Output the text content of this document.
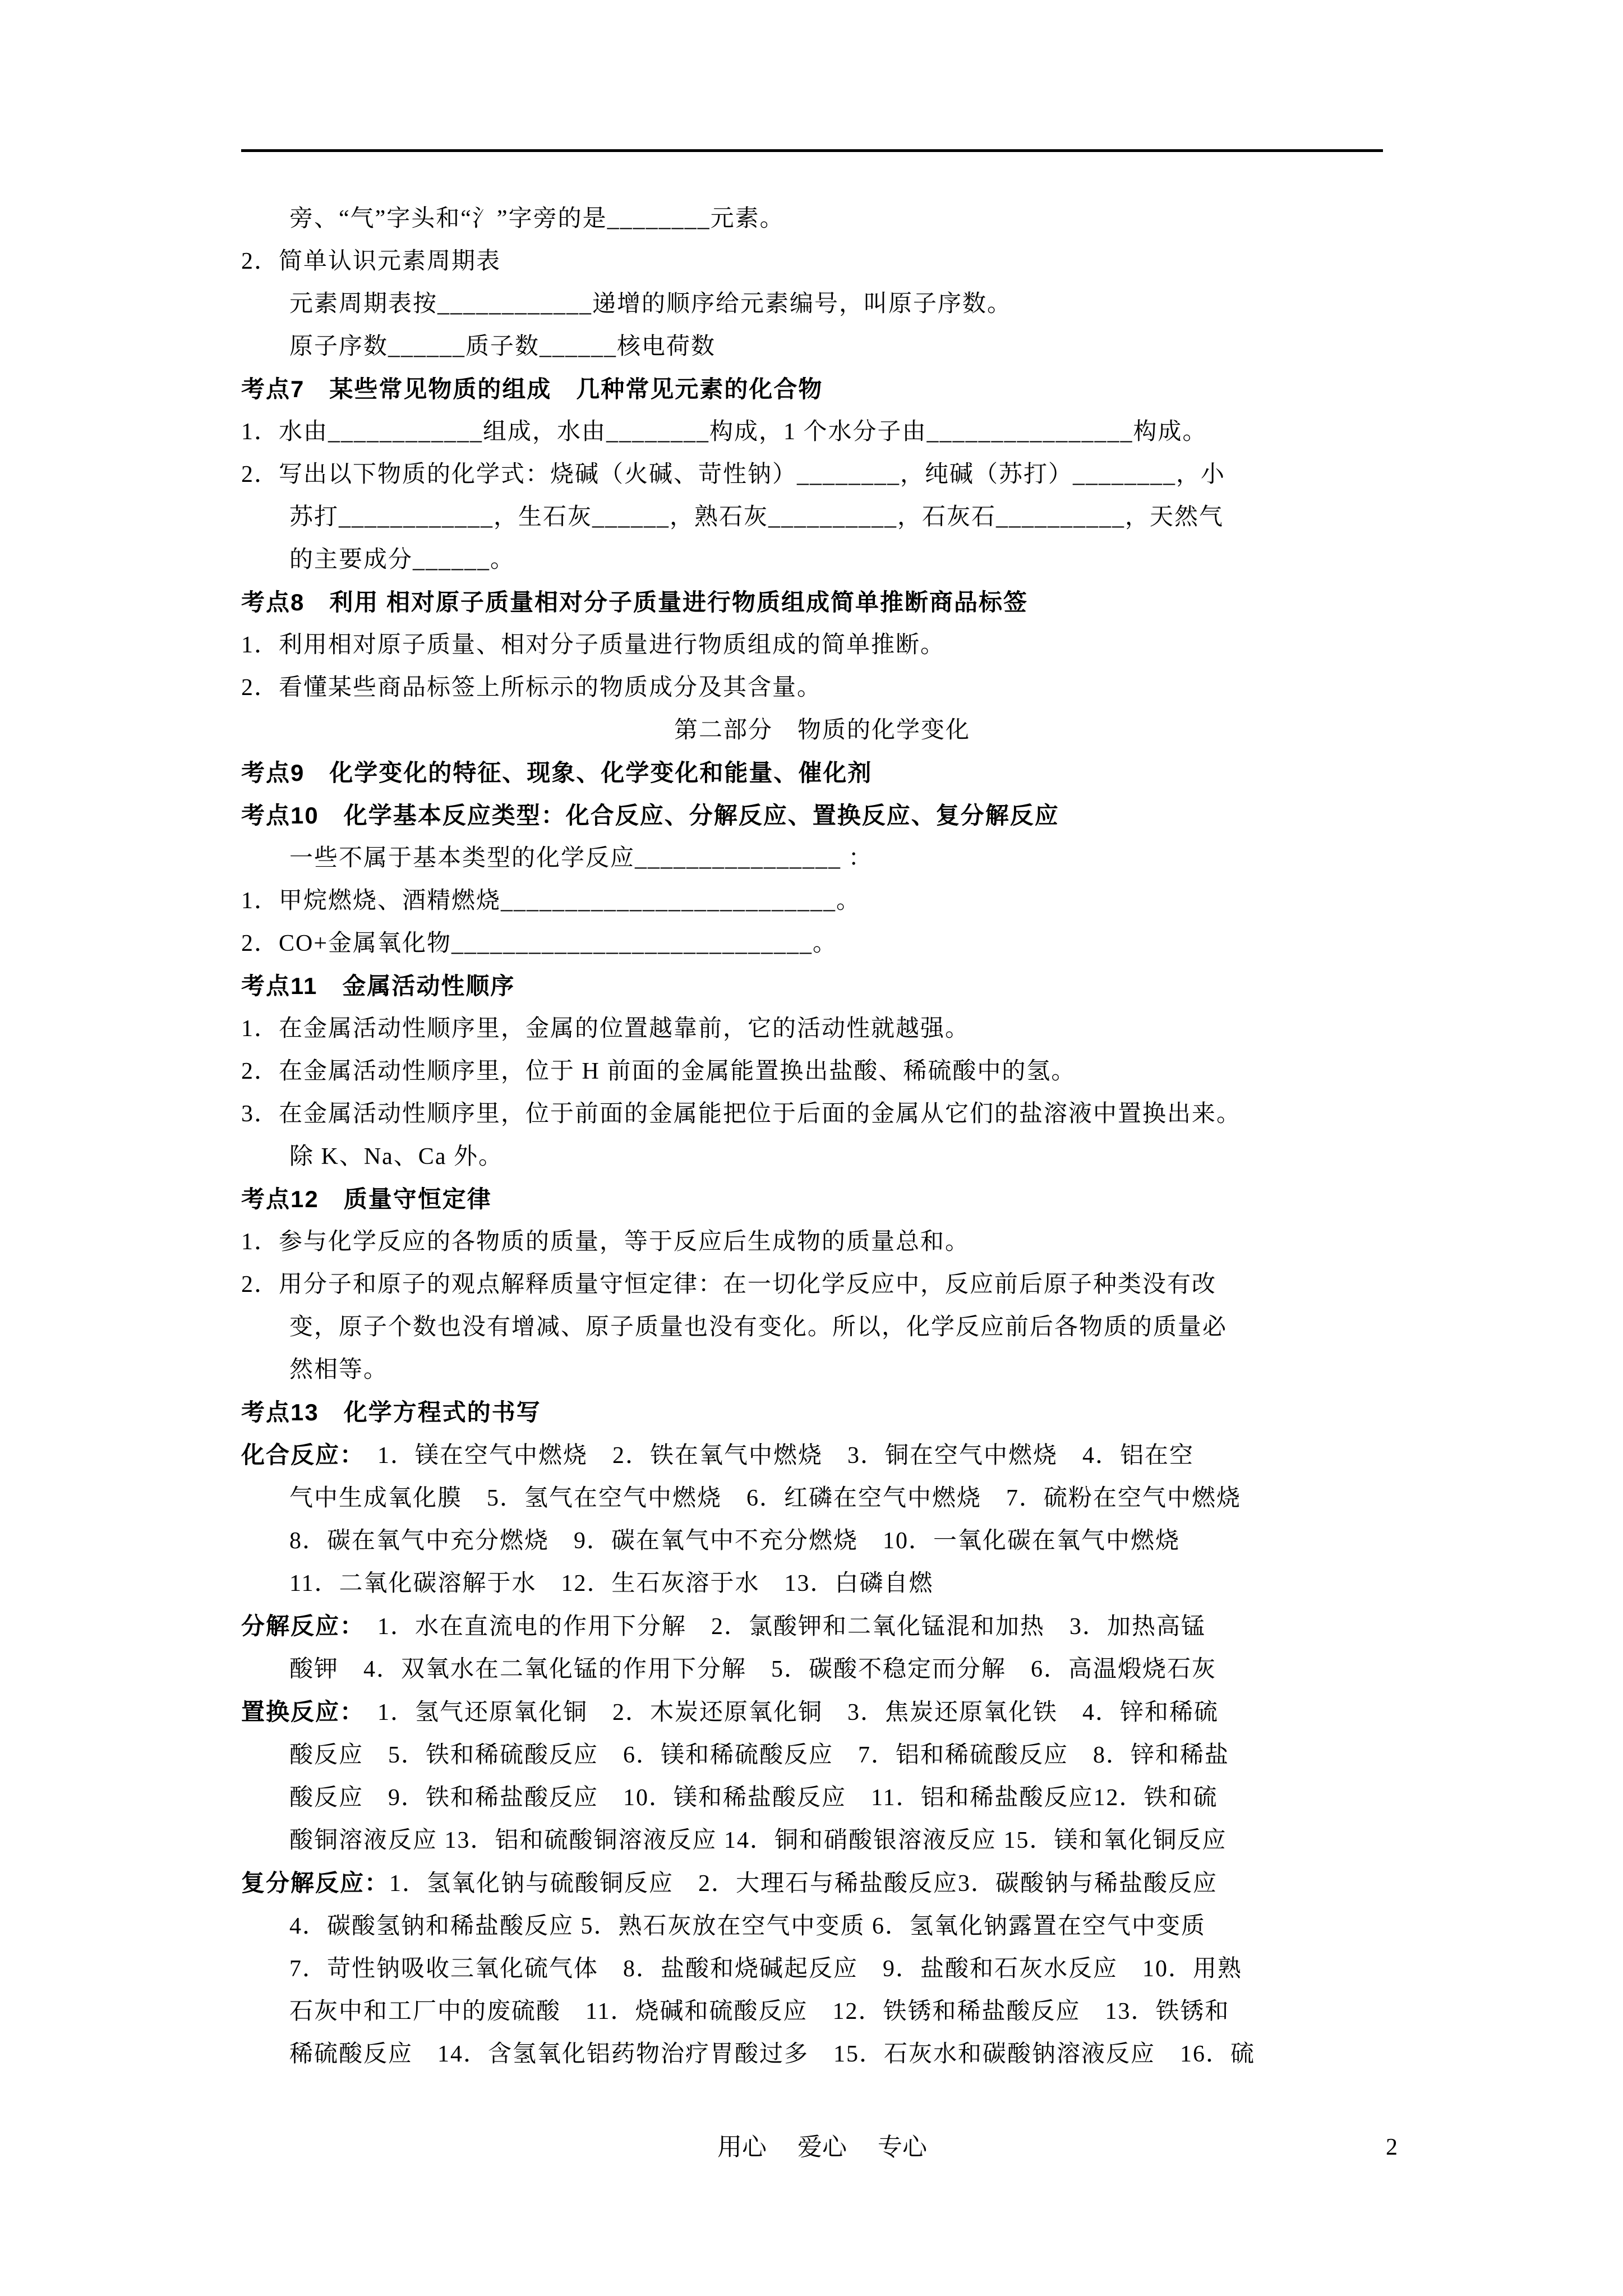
旁、“气”字头和“氵”字旁的是________元素。
2．简单认识元素周期表
元素周期表按____________递增的顺序给元素编号，叫原子序数。
原子序数______质子数______核电荷数
考点7　某些常见物质的组成　几种常见元素的化合物
1．水由____________组成，水由________构成，1 个水分子由________________构成。
2．写出以下物质的化学式：烧碱（火碱、苛性钠）________，纯碱（苏打）________，小
苏打____________，生石灰______，熟石灰__________，石灰石__________，天然气
的主要成分______。
考点8　利用 相对原子质量相对分子质量进行物质组成简单推断商品标签
1．利用相对原子质量、相对分子质量进行物质组成的简单推断。
2．看懂某些商品标签上所标示的物质成分及其含量。
第二部分　物质的化学变化
考点9　化学变化的特征、现象、化学变化和能量、催化剂
考点10　化学基本反应类型：化合反应、分解反应、置换反应、复分解反应
一些不属于基本类型的化学反应________________ ：
1．甲烷燃烧、酒精燃烧__________________________。
2．CO+金属氧化物____________________________。
考点11　金属活动性顺序
1．在金属活动性顺序里，金属的位置越靠前，它的活动性就越强。
2．在金属活动性顺序里，位于 H 前面的金属能置换出盐酸、稀硫酸中的氢。
3．在金属活动性顺序里，位于前面的金属能把位于后面的金属从它们的盐溶液中置换出来。
除 K、Na、Ca 外。
考点12　质量守恒定律
1．参与化学反应的各物质的质量，等于反应后生成物的质量总和。
2．用分子和原子的观点解释质量守恒定律：在一切化学反应中，反应前后原子种类没有改
变，原子个数也没有增减、原子质量也没有变化。所以，化学反应前后各物质的质量必
然相等。
考点13　化学方程式的书写
化合反应：　1．镁在空气中燃烧　2．铁在氧气中燃烧　3．铜在空气中燃烧　4．铝在空
气中生成氧化膜　5．氢气在空气中燃烧　6．红磷在空气中燃烧　7．硫粉在空气中燃烧
8．碳在氧气中充分燃烧　9．碳在氧气中不充分燃烧　10．一氧化碳在氧气中燃烧
11．二氧化碳溶解于水　12．生石灰溶于水　13．白磷自燃
分解反应：　1．水在直流电的作用下分解　2．氯酸钾和二氧化锰混和加热　3．加热高锰
酸钾　4．双氧水在二氧化锰的作用下分解　5．碳酸不稳定而分解　6．高温煅烧石灰
置换反应：　1．氢气还原氧化铜　2．木炭还原氧化铜　3．焦炭还原氧化铁　4．锌和稀硫
酸反应　5．铁和稀硫酸反应　6．镁和稀硫酸反应　7．铝和稀硫酸反应　8．锌和稀盐
酸反应　9．铁和稀盐酸反应　10．镁和稀盐酸反应　11．铝和稀盐酸反应12．铁和硫
酸铜溶液反应 13．铝和硫酸铜溶液反应 14．铜和硝酸银溶液反应 15．镁和氧化铜反应
复分解反应：1．氢氧化钠与硫酸铜反应　2．大理石与稀盐酸反应3．碳酸钠与稀盐酸反应
4．碳酸氢钠和稀盐酸反应 5．熟石灰放在空气中变质 6．氢氧化钠露置在空气中变质
7．苛性钠吸收三氧化硫气体　8．盐酸和烧碱起反应　9．盐酸和石灰水反应　10．用熟
石灰中和工厂中的废硫酸　11．烧碱和硫酸反应　12．铁锈和稀盐酸反应　13．铁锈和
稀硫酸反应　14．含氢氧化铝药物治疗胃酸过多　15．石灰水和碳酸钠溶液反应　16．硫
用心　 爱心　 专心	2
